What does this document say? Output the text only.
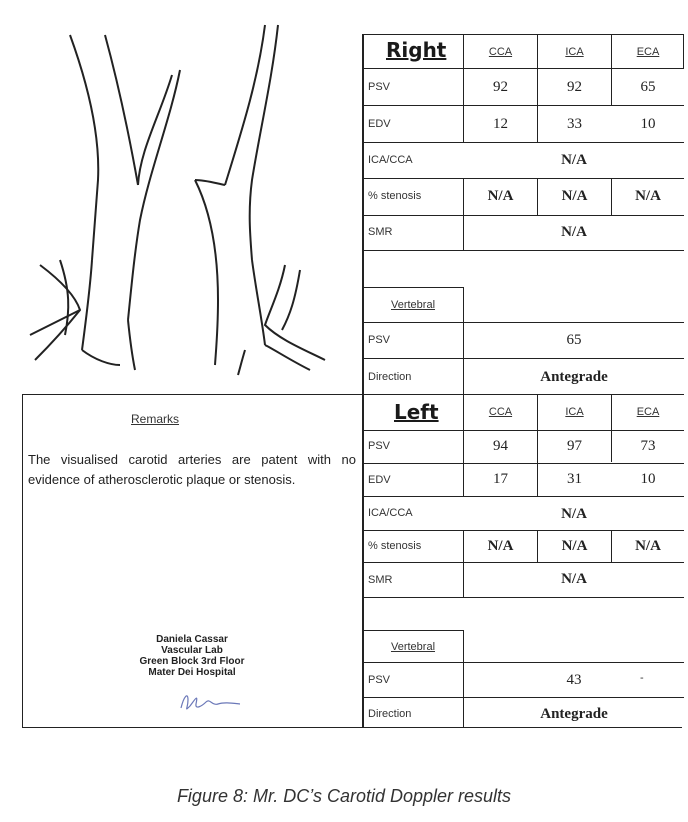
Right	CCA	ICA	ECA
PSV	92	92	65
EDV	12	33	10
ICA/CCA	N/A
% stenosis	N/A	N/A	N/A
SMR	N/A
Vertebral
PSV	65
Direction	Antegrade
Remarks
The visualised carotid arteries are patent with no evidence of atherosclerotic plaque or stenosis.
Daniela Cassar
Vascular Lab
Green Block 3rd Floor
Mater Dei Hospital
Left	CCA	ICA	ECA
PSV	94	97	73
EDV	17	31	10
ICA/CCA	N/A
% stenosis	N/A	N/A	N/A
SMR	N/A
Vertebral
PSV	43	-
Direction	Antegrade
Figure 8: Mr. DC’s Carotid Doppler results
